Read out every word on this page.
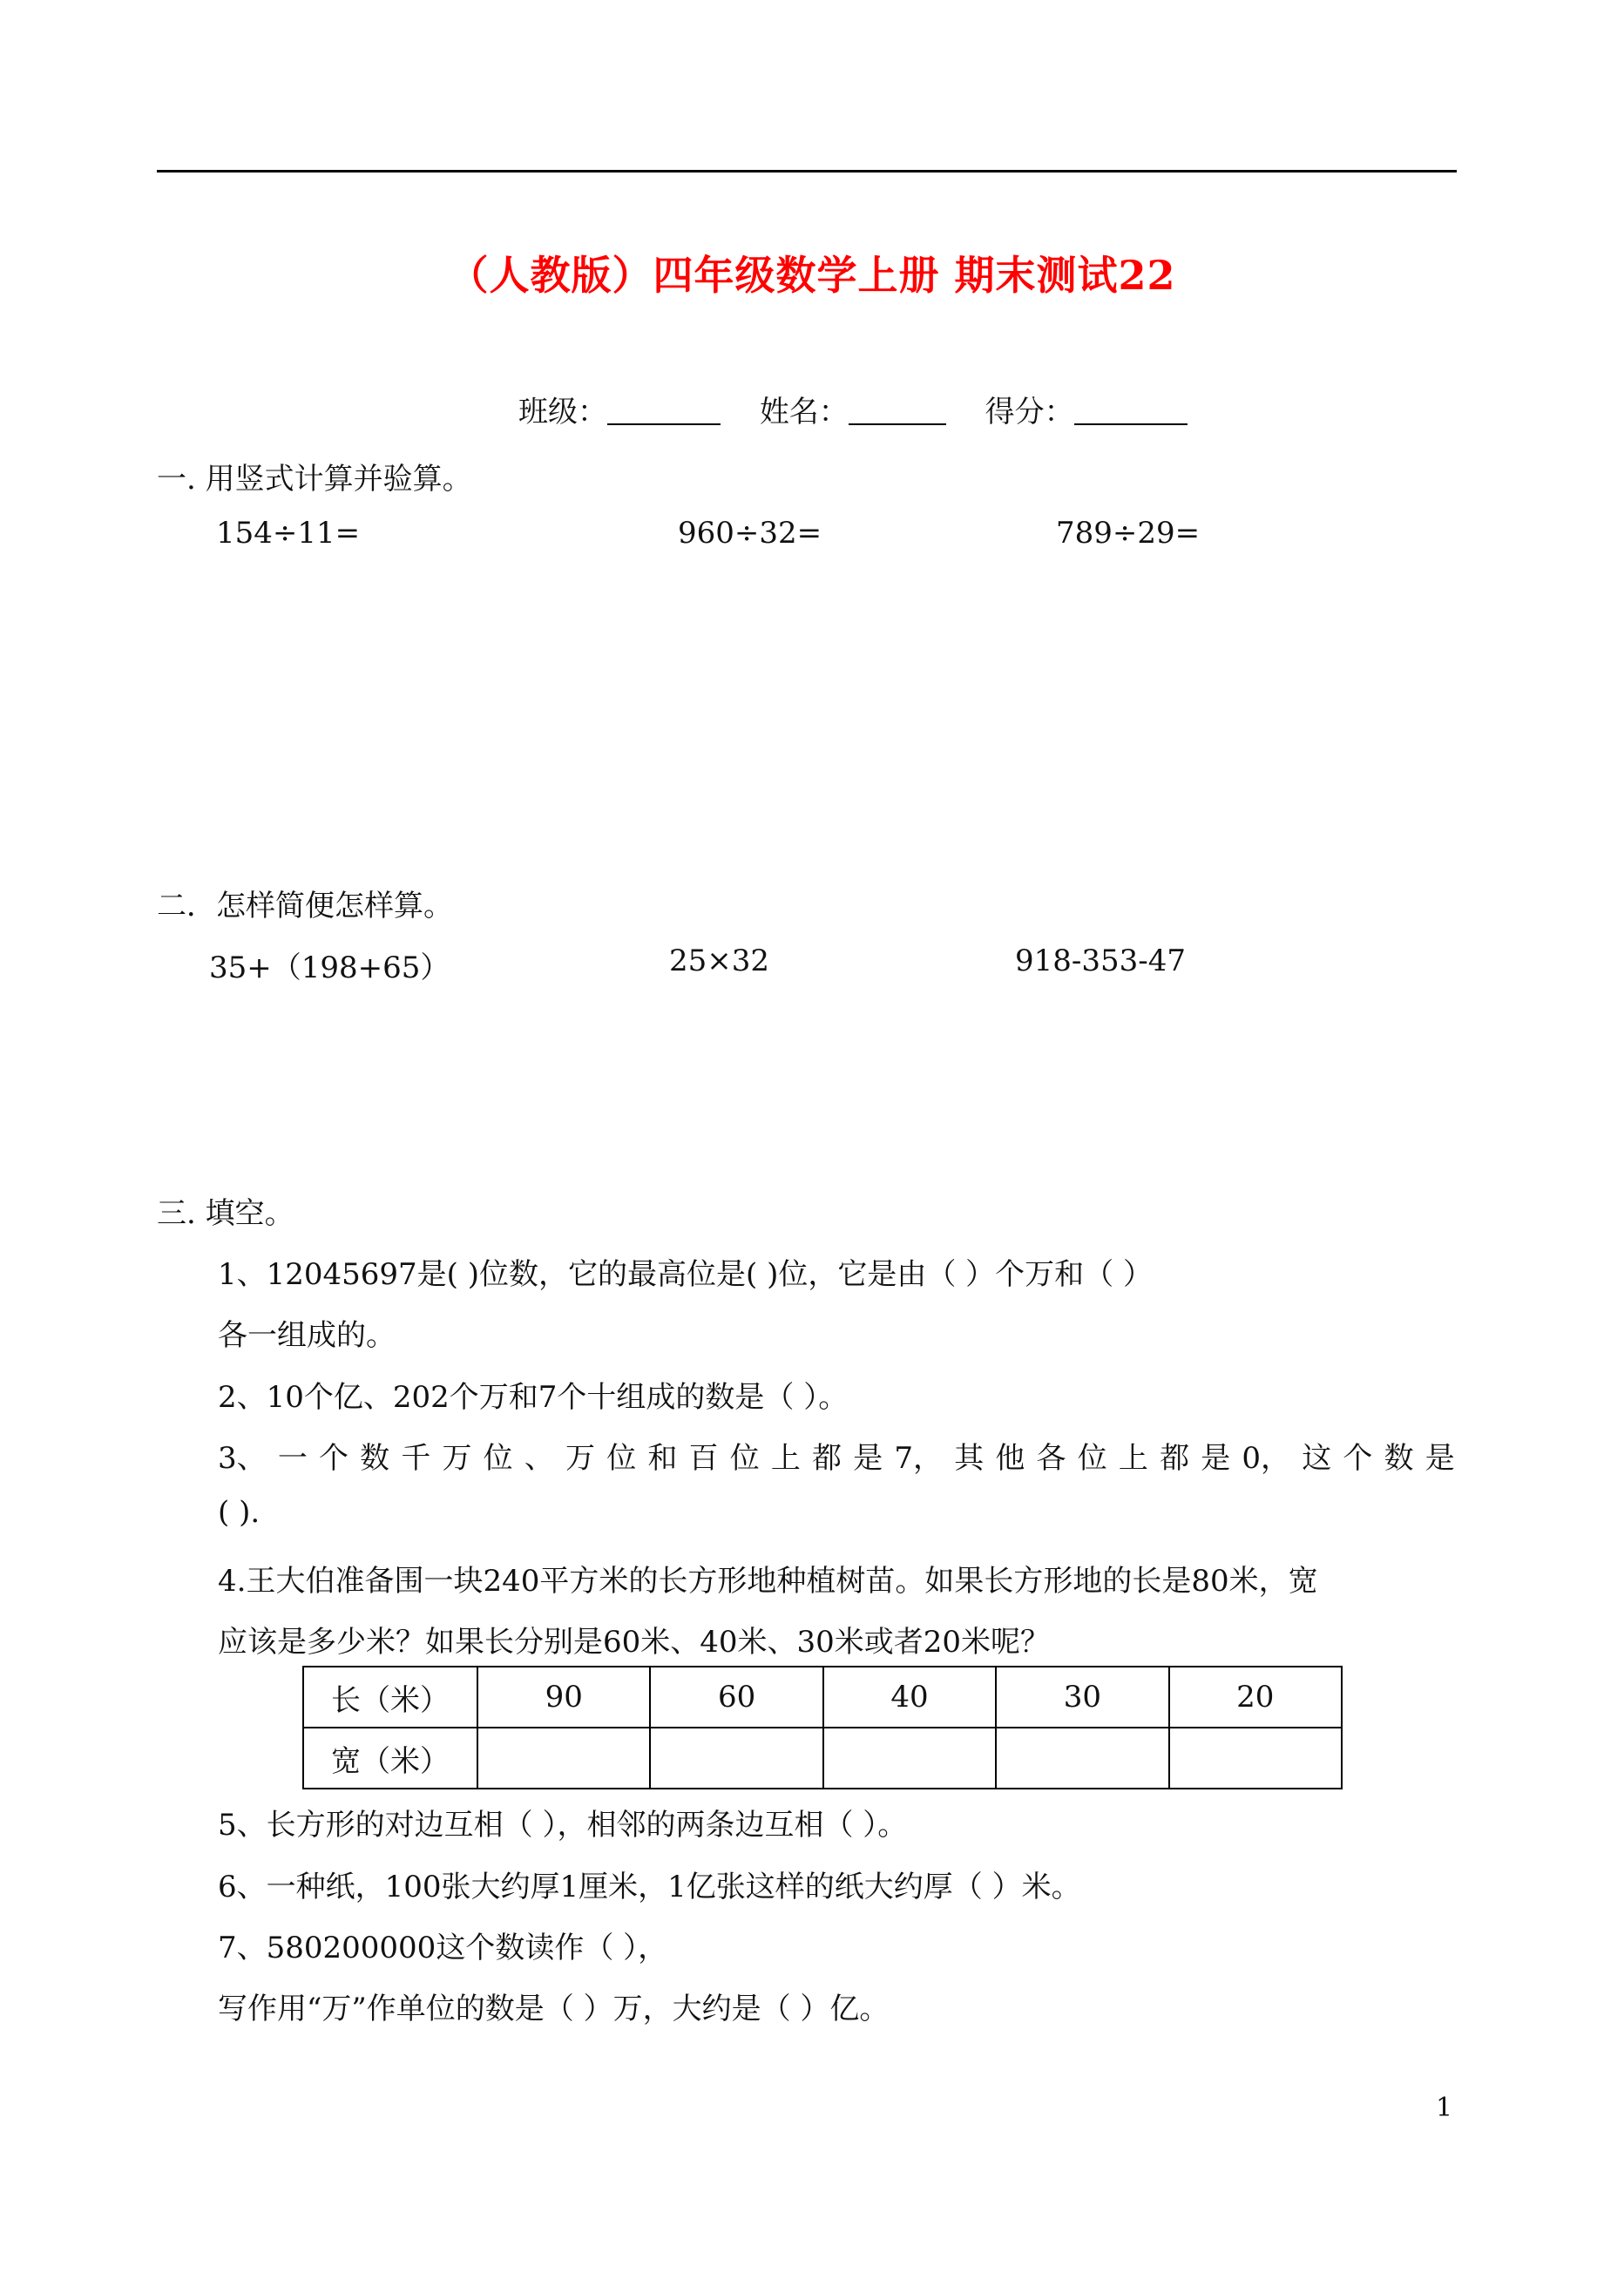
（人教版）四年级数学上册 期末测试22
班级：	姓名：	得分：
一. 用竖式计算并验算。
154÷11=	960÷32=	789÷29=
二．怎样简便怎样算。
35+（198+65）	25×32	918-353-47
三. 填空。
1、12045697是( )位数，它的最高位是( )位，它是由（ ）个万和（ ）
各一组成的。
2、10个亿、202个万和7个十组成的数是（ ）。
3、 一 个 数 千 万 位 、 万 位 和 百 位 上 都 是 7， 其 他 各 位 上 都 是 0， 这 个 数 是
( ).
4.王大伯准备围一块240平方米的长方形地种植树苗。如果长方形地的长是80米，宽
应该是多少米？如果长分别是60米、40米、30米或者20米呢？
长（米）	90	60	40	30	20
宽（米）					
5、长方形的对边互相（ ），相邻的两条边互相（ ）。
6、一种纸，100张大约厚1厘米，1亿张这样的纸大约厚（ ）米。
7、580200000这个数读作（ ），
写作用“万”作单位的数是（ ）万，大约是（ ）亿。
1
